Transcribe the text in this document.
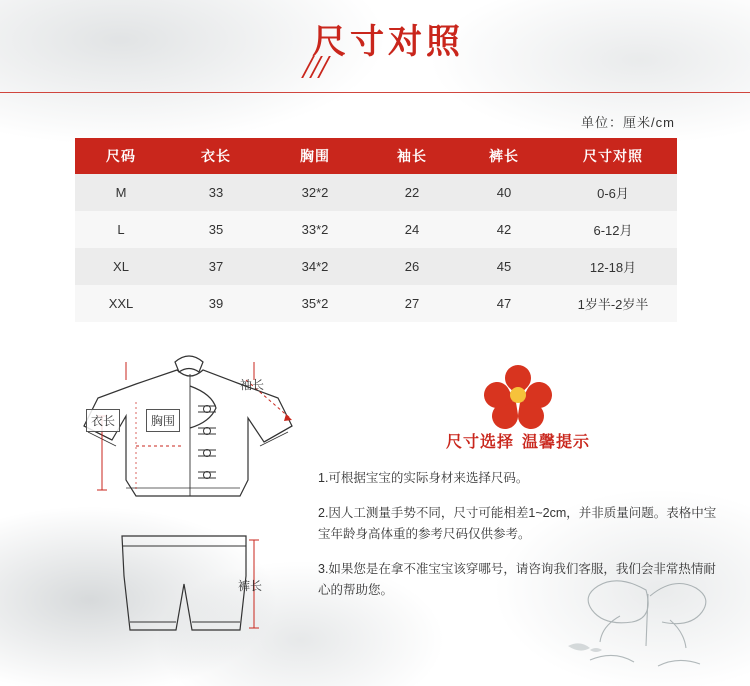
尺寸对照
单位：厘米/cm
尺码	衣长	胸围	袖长	裤长	尺寸对照
M	33	32*2	22	40	0-6月
L	35	33*2	24	42	6-12月
XL	37	34*2	26	45	12-18月
XXL	39	35*2	27	47	1岁半-2岁半
袖长
衣长	胸围
裤长
尺寸选择 温馨提示
1.可根据宝宝的实际身材来选择尺码。
2.因人工测量手势不同，尺寸可能相差1~2cm，并非质量问题。表格中宝宝年龄身高体重的参考尺码仅供参考。
3.如果您是在拿不准宝宝该穿哪号，请咨询我们客服，我们会非常热情耐心的帮助您。
